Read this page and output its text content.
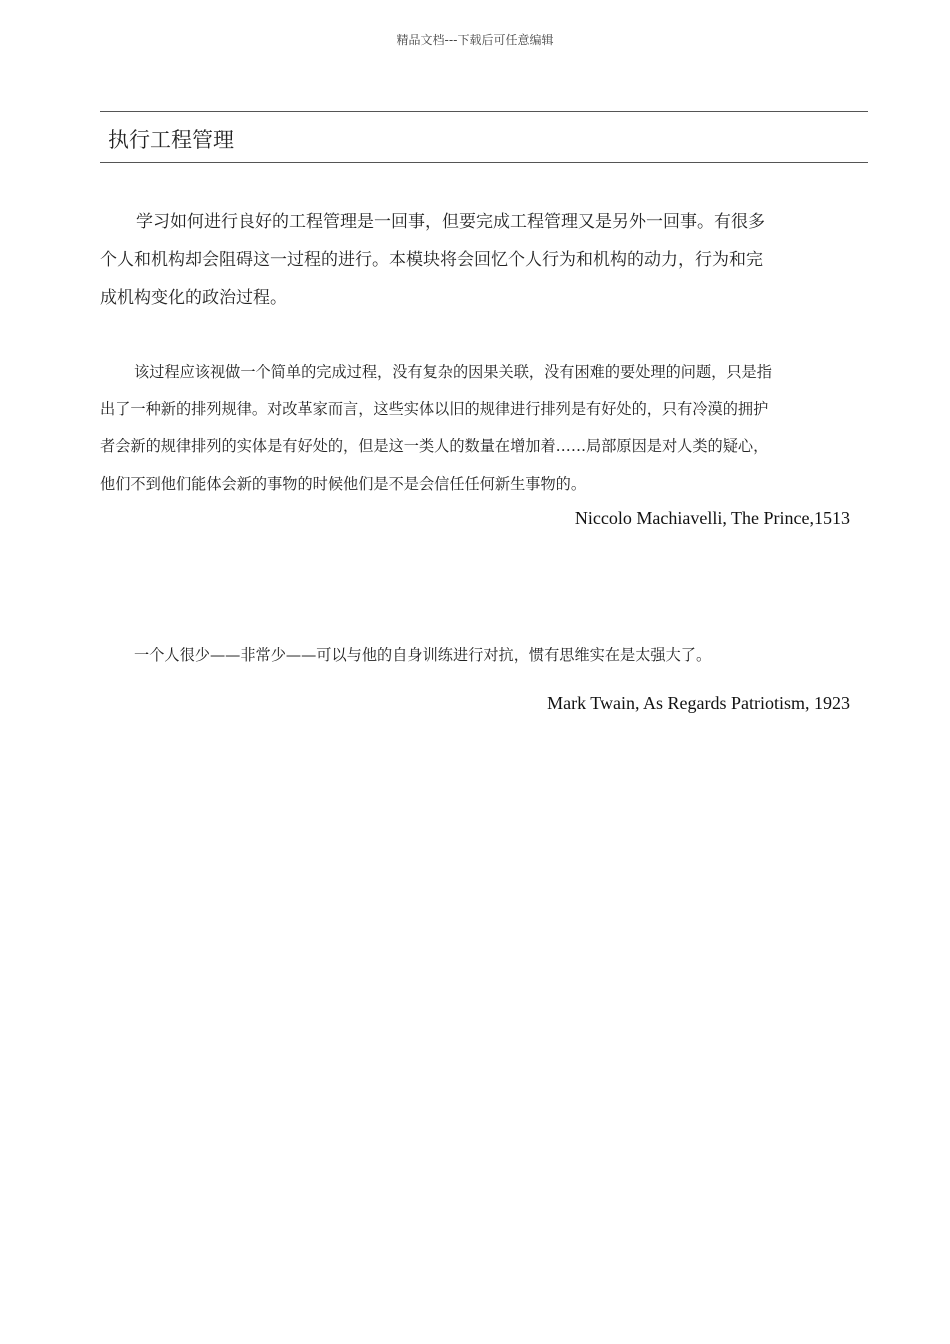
精品文档---下载后可任意编辑
执行工程管理
学习如何进行良好的工程管理是一回事，但要完成工程管理又是另外一回事。有很多
个人和机构却会阻碍这一过程的进行。本模块将会回忆个人行为和机构的动力，行为和完
成机构变化的政治过程。
该过程应该视做一个简单的完成过程，没有复杂的因果关联，没有困难的要处理的问题，只是指
出了一种新的排列规律。对改革家而言，这些实体以旧的规律进行排列是有好处的，只有冷漠的拥护
者会新的规律排列的实体是有好处的，但是这一类人的数量在增加着……局部原因是对人类的疑心，
他们不到他们能体会新的事物的时候他们是不是会信任任何新生事物的。
Niccolo Machiavelli, The Prince,1513
一个人很少——非常少——可以与他的自身训练进行对抗，惯有思维实在是太强大了。
Mark Twain, As Regards Patriotism, 1923
